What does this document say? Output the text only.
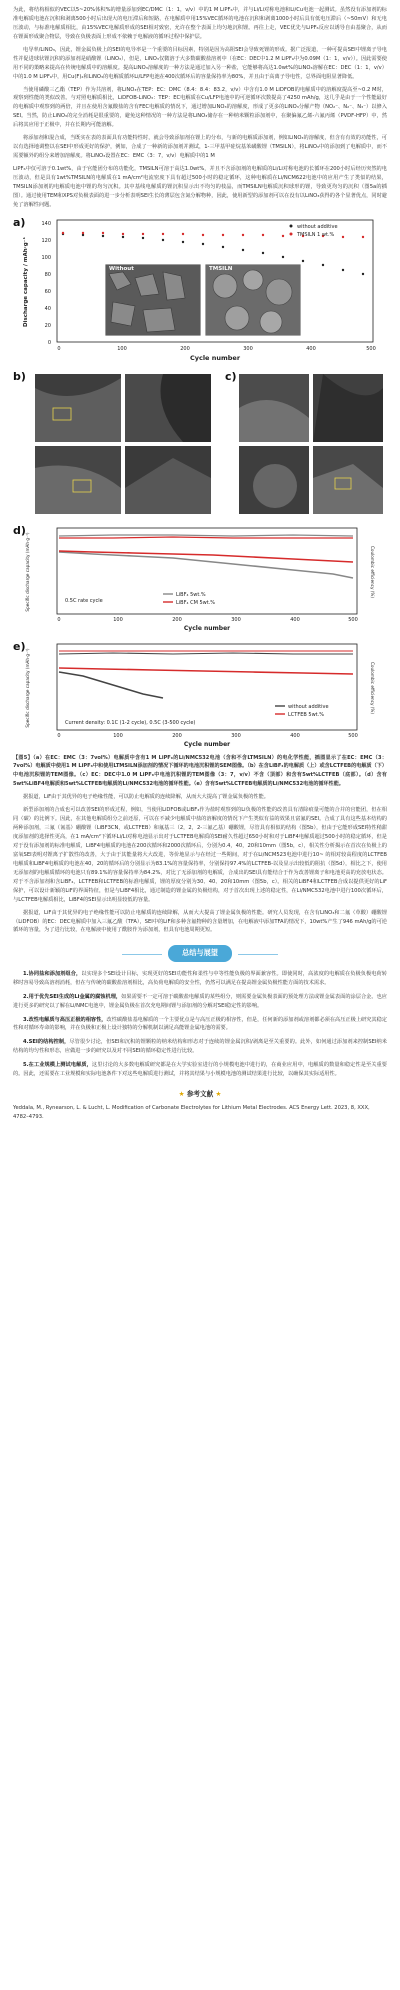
为此，将结构相似的VEC以5~20%体积%的增量添加到EC/DMC（1：1，v/v）中的1 M LiPF₆中，并与Li/Li对称电池和Li/Cu电池一起测试。虽然没有添加剂的标准电解质电池在沉积和剥离500小时后出现大的电压滞后和短路，在电解质中用15%VEC循环的电池在沉积和剥离1000小时后具有低电压滞后（~50mV）和无电压波动，与标准电解质相比，由15%VEC电解质形成的SEI相对致密，允许在整个表面上均匀地沉积锂。再往上走，VEC优先与LiPF₆反应以诱导自由基聚合，从而在锂面形成聚合物层，导致在负极表面上形成不依赖于电解液的循环过程中保护层。

电导率/LiNO₃，因此，锂金属负极上的SEI的电导率是一个重要的目标因素，特别是因为高阻SEI会导致死锂的形成。据广泛报道，一种可提高SEI中锂离子导电性并促进球状锂沉积的添加剂是硝酸锂（LiNO₃），但是，LiNO₃仅微溶于大多数碳酸盐溶剂中（在EC：DEC中1.2 M LiPF₆中为0.09M（1：1，v/v））。因此需要使用不同的策略来提高在传统电解质中的溶解度。提高LiNO₃溶解度的一种方法是通过加入另一种盐，它能够将高达1.0wt%的LiNO₃溶解在EC：DEC（1：1，v/v）中的1.0 M LiPF₆中，用Cu(F)₂和LiNO₃的电解质循环Li/LFP电池在400次循环后的容量保持率为80%，并且由于高离子导电性，总界面电阻显著降低。

当使用磷酸三乙酯（TEP）作为共溶剂，将LiNO₃在TEP：EC：DMC（8.4：8.4：83.2，v/v）中含有1.0 M LiDFOB的电解质中的溶解度提高至~0.2 M时，观察到性能的类似改善。与对照电解质相比，LiDFOB-LiNO₃：TEP：EC电解质在Cu/LFP电池中的可逆循环次数提高了4250 mAh/g，这几乎是由于一个性能最好的电解质中观察到的两倍，并且在使用含氟酸盐的含有FEC电解质的情况下，通过增加LiNO₃的溶解度，形成了更多的LiNO₃分解产物（NO₂⁻、N₂⁻、N₃⁻）以修入SEI。当然，防止LiNO₃的完全消耗是很重要的，避免这种情况的一种方法是将LiNO₃储存在一种纳米颗粒添加剂中，在聚偏氟乙烯-六氟丙烯（PVDF-HFP）中，然后将其应用于正极中，并在长期内可能溶解。

将添加剂和混合成，当既实在表的表面具有功能特性时，就会导致添加剂在锂上的分布，与新的电解质添加剂，例如LiNO₃的溶解度，但含有有效的功能性，可以有选择地调整以在SEI中形成更好的保护，例如，合成了一种新的添加剂并测试，1-三甲基甲硅烷基苯磺酸锂（TMSILN），将LiNO₃中的添加到了电解质中，而不需要额外的组分来增加溶解度。将LiNO₃设置在EC：EMC（3：7，v/v）电解质中的1 M

LiPF₆中仅可溶于0.1wt%，由于官能团分布的功能化，TMSILN可溶于高达1.0wt%，并且不含添加剂的电解质的Li/Li对称电池的长循环在200小时后经历突然的电压波动，但是具有1wt%TMSILN的电解质在1 mA/cm²电流密度下具有超过500小时的稳定循环，这种电解质在Li/NCM622电池中的应用产生了类似的结果，TMSILN添加剂的电解质电池中锂的均匀沉积。其中基线电解质的锂沉积显示出不均匀的枝晶，而TMSILN电解质沉积球形的锂，导致更均匀的沉积（图5a的插图）。通过使用TEM和XPS对负极表面的进一步分析表明SEI生长的薄层包含氮分解物种，因此，使用新型的添加剂可以在没有以LiNO₃获得的各个显著优点，同时避免了溶解性问题。

a)	without additive
TMSILN 1 wt.%
Without	TMSILN
0
20
40
60
80
100
120
140
0	100	200	300	400	500
Cycle number
Discharge capacity / mAh·g⁻¹
b)	c)
d)
0.5C rate cycle
LiBF₄ 5wt.%
LiBF₄ CM 5wt.%
0	100	200	300	400	500
Cycle number
Specific discharge capacity (mAh·g⁻¹)	Coulombic efficiency (%)
e)
Current density: 0.1C (1-2 cycle), 0.5C (3-500 cycle)
without additive
LCTFEB 5wt.%
0	100	200	300	400	500
Cycle number
Specific discharge capacity (mAh·g⁻¹)	Coulombic efficiency (%)

【图5】（a）在EC：EMC（3：7vol%）电解质中含有1 M LiPF₆的Li/NMC532电池（含和不含LTMSILN）的电化学性能，插图显示了在EC：EMC（3：7vol%）电解质中使用1 M LiPF₆中和使用LTMSILN添加剂的情况下循环的电池沉积锂的SEM图像。（b）在含LiBF₄的电解质（上）或含LCTFEB的电解质（下）中电池沉积锂的TEM图像。（c）EC：DEC中1.0 M LiPF₆中电池沉积锂的TEM图像（3：7，v/v）不含（顶部）和含有5wt%LCTFEB（底部）。（d）含有5wt%LiBF4电解质和5wt%LCTFEB电解质的Li/NMC532电池的循环性能。（e）含有5wt%LCTFEB电解质的Li/NMC532电池的循环性能。

据报道，LiF由于其优异的电子绝缘性能，可以防止电解质的连续降解，从而大大提高了锂金属负极的性能。

新型添加剂的合成也可以改善SEI的形成过程，例如，当使用LiDFOB或LiBF₄作为盐时观察到的Li负极的性能的改善具有清除痕量可能的合并的官能团，但在相同（碳）的比例下。因此，在其他电解质组分之前还原，可以在不减少电解质中盐的溶解度的情况下产生类似有益的效果且富氟的SEI。合成了具有这些基本结构的两种添加剂，三氟（氰基）硼酸锂（LiBF3CN，或LCTFEB）和氟基三（2，2，2-三氟乙基）硼酸锂，尽管具有相似的结构（图5b），但由于它能形成SEI特性稍甜度添加剂的选择性更高，在1 mA/cm²下循环Li/Li对称电池显示出对于LCTFEB电解质的SEI耐久性超过650小时和对于LiBF4电解质超过500小时的稳定循环，但是对于没有添加剂的标准电解质，LiBF4电解质的电池在200次循环和2000次循环后，分别为0.4，40，20和10mm（图5b，c），相关性分析揭示在首次在负极上的富氧SEI表明对锂离子扩散性的改善，大于由于其能量将大大改进，等价地显示与在经过一些期间，对于在Li/NCM523电池中进行10~ 的相对较高程度的LCTFEB电解质和LiBF4电解质的电池在40，20的循环后的分别显示为83.1%的容量保持率，分别保持97.4%的LCTFEB-以及显示出较低的阻抗（图5d），相比之下，使用无添加剂的电解质循环的电池只有89.1%的容量保持率为84.2%，对比了无添加剂的电解质，合成出的SEI具有能结合于作为改善锂离子和电池更高的充放电状态。对于不含添加剂和含LiBF₄，LCTFEB和LCTFEB的标准电解质，锂的厚度分别为30、40、20和10mm（图5b，c）。相关的LiBF4和LCTFEB合成以提供更好的LiF保护，可以设计新颖的LiF的界面特征，但是与LiBF4相比，通过制造的锂金属的负极结构，对于首次出现上述的稳定性，在Li/NMC532电池中进行100次循环后，与LCTFEB电解质相比，LiBF4的SEI显示出明显较低的容量。

据报道，LiF由于其优异的电子绝缘性能可以防止电解质的连续降解，从而大大提高了锂金属负极的性能。研究人员发现，在含有LiNO₃和二氟（草酸）硼酸锂（LiDFOB）的EC：DEC电解质中加入三氟乙酸（TFA），SEI中的LiF和多种含氟物种的含量增加，在电解液中添加TFA的情况下，10wt%产生了946 mAh/g的可逆循环的容量，为了进行比较，在电解液中使用了酰胺作为添加剂，但具有电池周期更短。

总结与展望

1.协同盐和添加剂组合，以实现多个SEI设计目标，实现更好的SEI功能性和柔性与中等性能负极的界面兼容性。即使同时，高浓度的电解质在负极负极电荷转移时容易导致高溶剂消耗，但在与传统的碳酸盐溶剂相比，高负荷电解质的安全性，仍然可以满足在提高锂金属负极性能方面的技术需求。

2.用于优先SEI生成的Li金属的腐蚀机理，如果需要不一定可溶于碳酸盐电解质的某些组分，则需要金属负极表面的预处理方法或锂金属表面的涂层合金。也应进行更多的研究以了解在Li/NMC电池中，锂金属负极在首次充电期间锂与添加剂的分解对SEI稳定性的影响。

3.改性电解质与高压正极的相容性，改性碳酸盐基电解质的一个主要优点是与高压正极的相容性，但是，任何新的添加剂或溶剂都必须在高压正极上研究其稳定性和对循环寿命的影响，并在负极和正极上设计独特的分解机制以满足高能锂金属电池的需要。

4.SEI的结构控制，尽管很少讨论，但SEI和沉积的锂颗粒的纳米结构和形态对于连续的锂金属沉积/剥离是至关重要的。此外，如何通过添加剂来控制SEI纳米结构的均匀性和形态，应做进一步的研究以及对不同SEI的循环稳定性进行比较。

5.在工业规模上测试电解质，这里讨论的大多数电解质研究都是在大学实验室进行的小规模电池中进行的，在商业应用中，电解质的数量和稳定性是至关重要的。因此，还需要在工业规模和实际电池条件下对这些电解质进行测试，并将其结果与小规模电池的测试结果进行比较，以确保其实际适用性。

★ 参考文献 ★

Yeddala, M., Rynearson, L. & Lucht, L. Modification of Carbonate Electrolytes for Lithium Metal Electrodes. ACS Energy Lett. 2023, 8, XXX, 4782–4793.
